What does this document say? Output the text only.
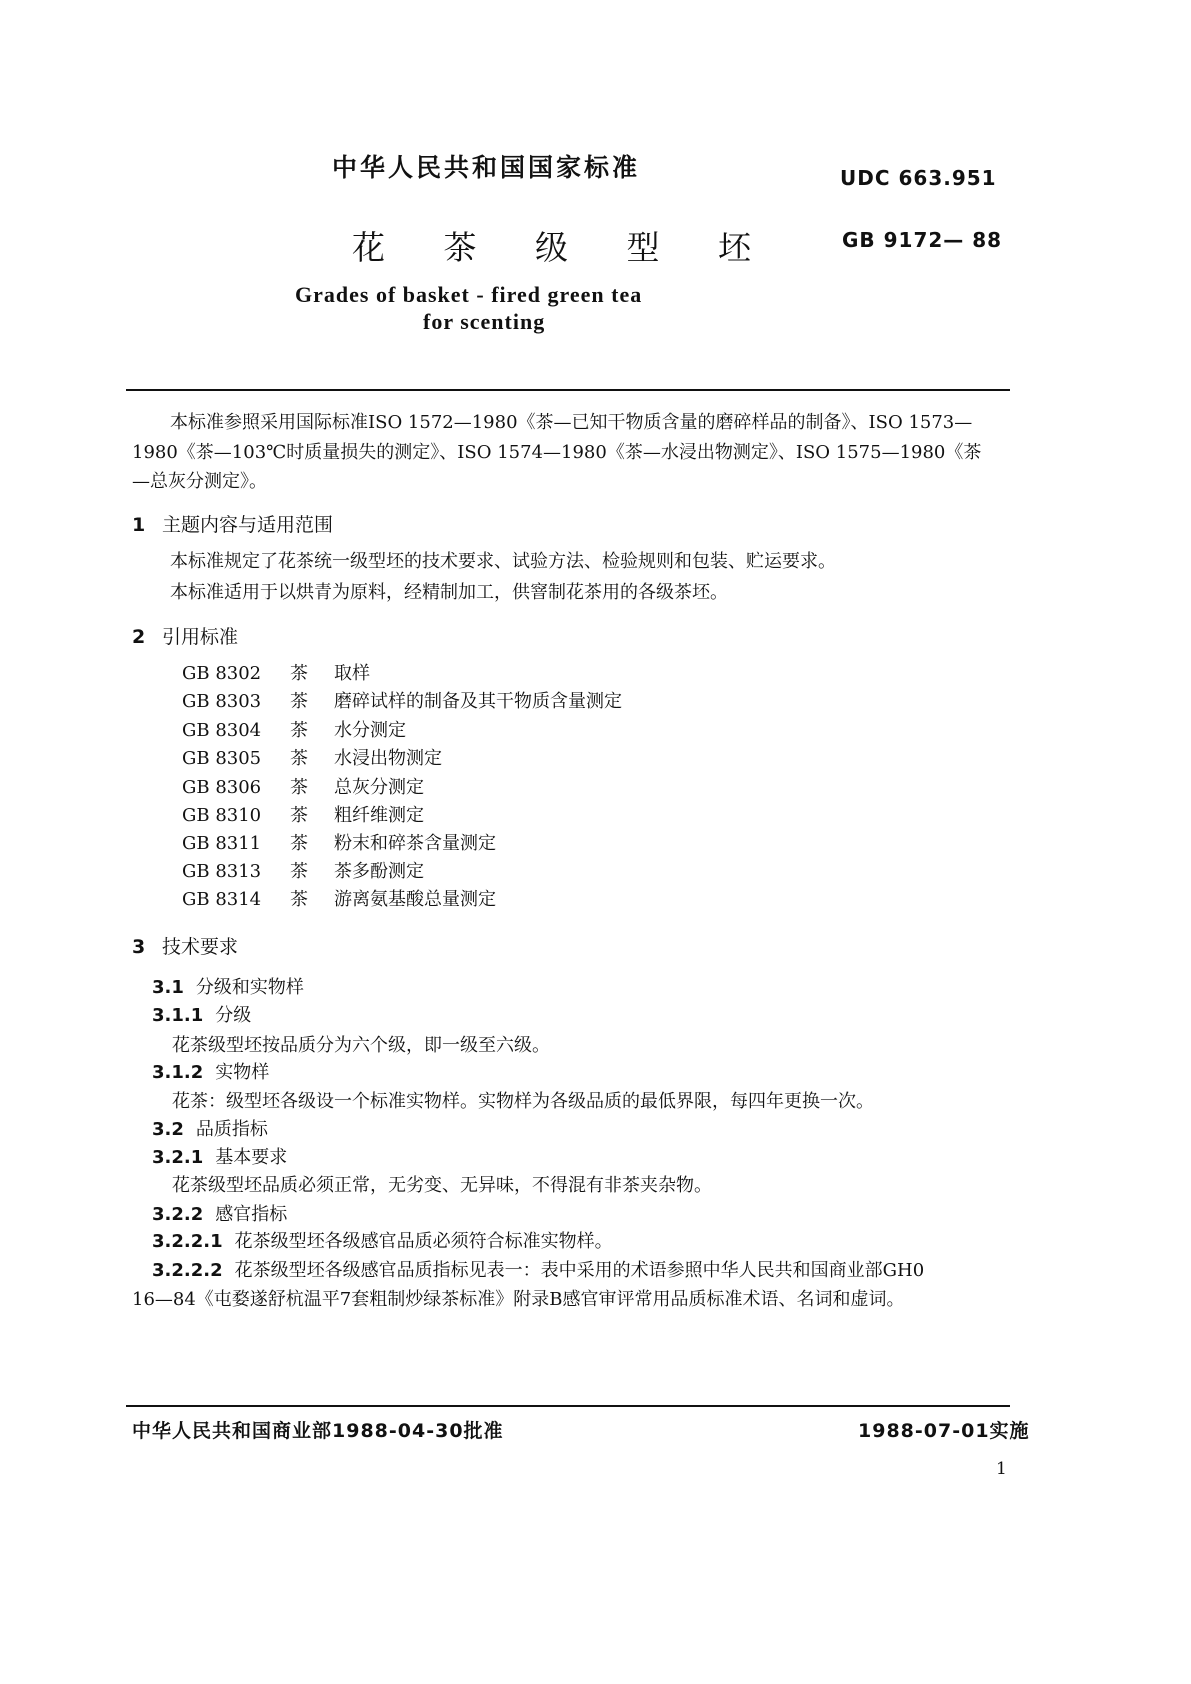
中华人民共和国国家标准	UDC 663.951
花 茶 级 型 坯	GB 9172— 88
Grades of basket - fired green tea
for scenting
本标准参照采用国际标准ISO 1572—1980《茶—已知干物质含量的磨碎样品的制备》、ISO 1573—
1980《茶—103℃时质量损失的测定》、ISO 1574—1980《茶—水浸出物测定》、ISO 1575—1980《茶
—总灰分测定》。
1 主题内容与适用范围
本标准规定了花茶统一级型坯的技术要求、试验方法、检验规则和包装、贮运要求。
本标准适用于以烘青为原料，经精制加工，供窨制花茶用的各级茶坯。
2 引用标准
GB 8302 茶 取样
GB 8303 茶 磨碎试样的制备及其干物质含量测定
GB 8304 茶 水分测定
GB 8305 茶 水浸出物测定
GB 8306 茶 总灰分测定
GB 8310 茶 粗纤维测定
GB 8311 茶 粉末和碎茶含量测定
GB 8313 茶 茶多酚测定
GB 8314 茶 游离氨基酸总量测定
3 技术要求
3.1 分级和实物样
3.1.1 分级
花茶级型坯按品质分为六个级，即一级至六级。
3.1.2 实物样
花茶：级型坯各级设一个标准实物样。实物样为各级品质的最低界限，每四年更换一次。
3.2 品质指标
3.2.1 基本要求
花茶级型坯品质必须正常，无劣变、无异味，不得混有非茶夹杂物。
3.2.2 感官指标
3.2.2.1 花茶级型坯各级感官品质必须符合标准实物样。
3.2.2.2 花茶级型坯各级感官品质指标见表一：表中采用的术语参照中华人民共和国商业部GH0
16—84《屯婺遂舒杭温平7套粗制炒绿茶标准》附录B感官审评常用品质标准术语、名词和虚词。
中华人民共和国商业部1988-04-30批准	1988-07-01实施
1
